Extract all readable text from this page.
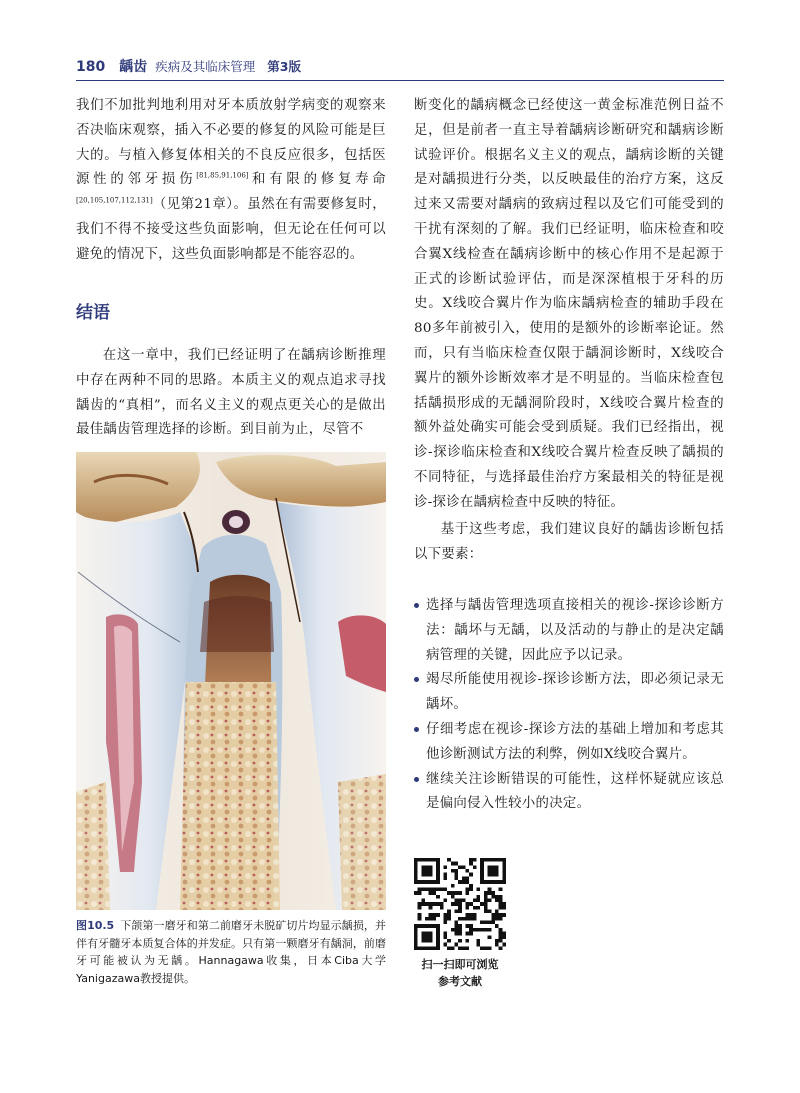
180 龋齿 疾病及其临床管理 第3版

我们不加批判地利用对牙本质放射学病变的观察来否决临床观察，插入不必要的修复的风险可能是巨大的。与植入修复体相关的不良反应很多，包括医源性的邻牙损伤[81,85,91,106]和有限的修复寿命[20,105,107,112,131]（见第21章）。虽然在有需要修复时，我们不得不接受这些负面影响，但无论在任何可以避免的情况下，这些负面影响都是不能容忍的。

结语

在这一章中，我们已经证明了在龋病诊断推理中存在两种不同的思路。本质主义的观点追求寻找龋齿的“真相”，而名义主义的观点更关心的是做出最佳龋齿管理选择的诊断。到目前为止，尽管不

图10.5 下颌第一磨牙和第二前磨牙未脱矿切片均显示龋损，并伴有牙髓牙本质复合体的并发症。只有第一颗磨牙有龋洞，前磨牙可能被认为无龋。Hannagawa收集，日本Ciba大学Yanigazawa教授提供。

断变化的龋病概念已经使这一黄金标准范例日益不足，但是前者一直主导着龋病诊断研究和龋病诊断试验评价。根据名义主义的观点，龋病诊断的关键是对龋损进行分类，以反映最佳的治疗方案，这反过来又需要对龋病的致病过程以及它们可能受到的干扰有深刻的了解。我们已经证明，临床检查和咬合翼X线检查在龋病诊断中的核心作用不是起源于正式的诊断试验评估，而是深深植根于牙科的历史。X线咬合翼片作为临床龋病检查的辅助手段在80多年前被引入，使用的是额外的诊断率论证。然而，只有当临床检查仅限于龋洞诊断时，X线咬合翼片的额外诊断效率才是不明显的。当临床检查包括龋损形成的无龋洞阶段时，X线咬合翼片检查的额外益处确实可能会受到质疑。我们已经指出，视诊-探诊临床检查和X线咬合翼片检查反映了龋损的不同特征，与选择最佳治疗方案最相关的特征是视诊-探诊在龋病检查中反映的特征。

基于这些考虑，我们建议良好的龋齿诊断包括以下要素：

选择与龋齿管理选项直接相关的视诊-探诊诊断方法：龋坏与无龋，以及活动的与静止的是决定龋病管理的关键，因此应予以记录。
竭尽所能使用视诊-探诊诊断方法，即必须记录无龋坏。
仔细考虑在视诊-探诊方法的基础上增加和考虑其他诊断测试方法的利弊，例如X线咬合翼片。
继续关注诊断错误的可能性，这样怀疑就应该总是偏向侵入性较小的决定。
扫一扫即可浏览
参考文献
